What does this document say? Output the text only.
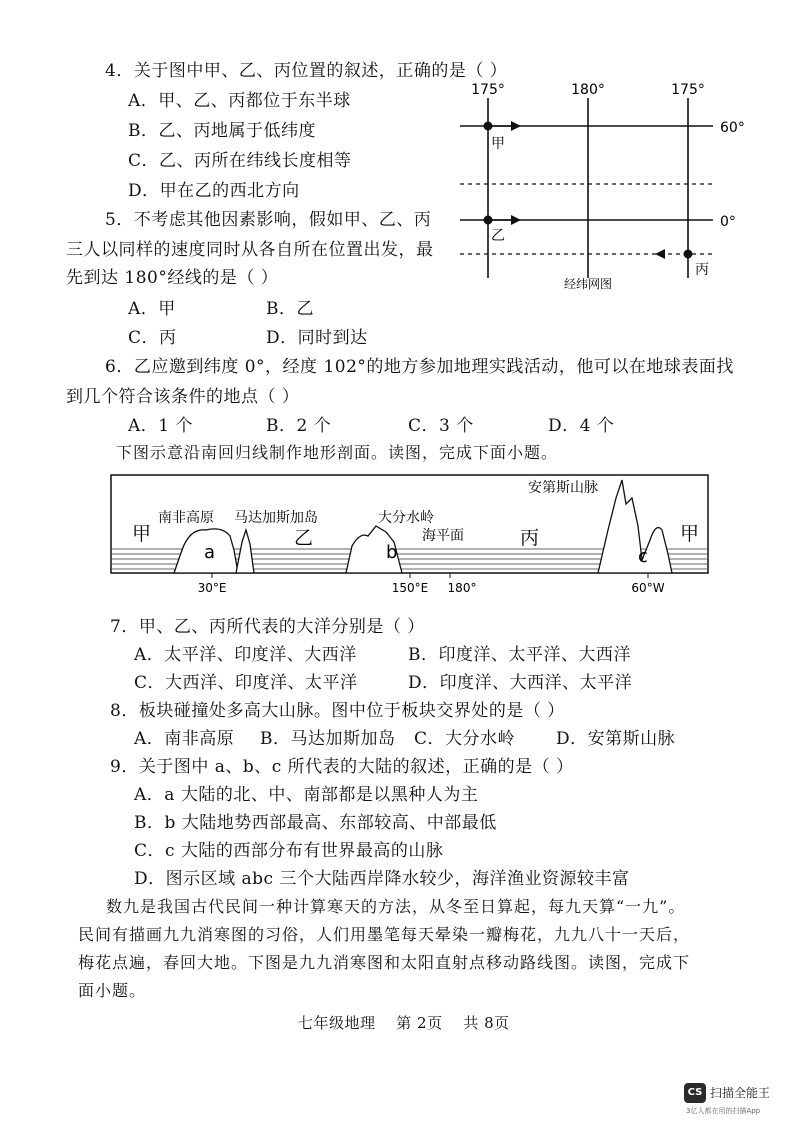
4．关于图中甲、乙、丙位置的叙述，正确的是（ ）
A．甲、乙、丙都位于东半球
B．乙、丙地属于低纬度
C．乙、丙所在纬线长度相等
D．甲在乙的西北方向
5．不考虑其他因素影响，假如甲、乙、丙
三人以同样的速度同时从各自所在位置出发，最
先到达 180°经线的是（ ）
A．甲	B．乙
C．丙	D．同时到达
175°	180°	175°
60°
0°
甲
乙
丙
经纬网图
6．乙应邀到纬度 0°，经度 102°的地方参加地理实践活动，他可以在地球表面找
到几个符合该条件的地点（ ）
A．1 个	B．2 个	C．3 个	D．4 个
下图示意沿南回归线制作地形剖面。读图，完成下面小题。
甲	乙	丙	甲
南非高原 马达加斯加岛	大分水岭
安第斯山脉
海平面
a	b	c
30°E	150°E 180°	60°W
7．甲、乙、丙所代表的大洋分别是（ ）
A．太平洋、印度洋、大西洋	B．印度洋、太平洋、大西洋
C．大西洋、印度洋、太平洋	D．印度洋、大西洋、太平洋
8．板块碰撞处多高大山脉。图中位于板块交界处的是（ ）
A．南非高原 B．马达加斯加岛 C．大分水岭 D．安第斯山脉
9．关于图中 a、b、c 所代表的大陆的叙述，正确的是（ ）
A．a 大陆的北、中、南部都是以黑种人为主
B．b 大陆地势西部最高、东部较高、中部最低
C．c 大陆的西部分布有世界最高的山脉
D．图示区域 abc 三个大陆西岸降水较少，海洋渔业资源较丰富
数九是我国古代民间一种计算寒天的方法，从冬至日算起，每九天算“一九”。
民间有描画九九消寒图的习俗，人们用墨笔每天晕染一瓣梅花，九九八十一天后，
梅花点遍，春回大地。下图是九九消寒图和太阳直射点移动路线图。读图，完成下
面小题。
七年级地理　 第 2页　 共 8页
CS 扫描全能王
3亿人都在用的扫描App
